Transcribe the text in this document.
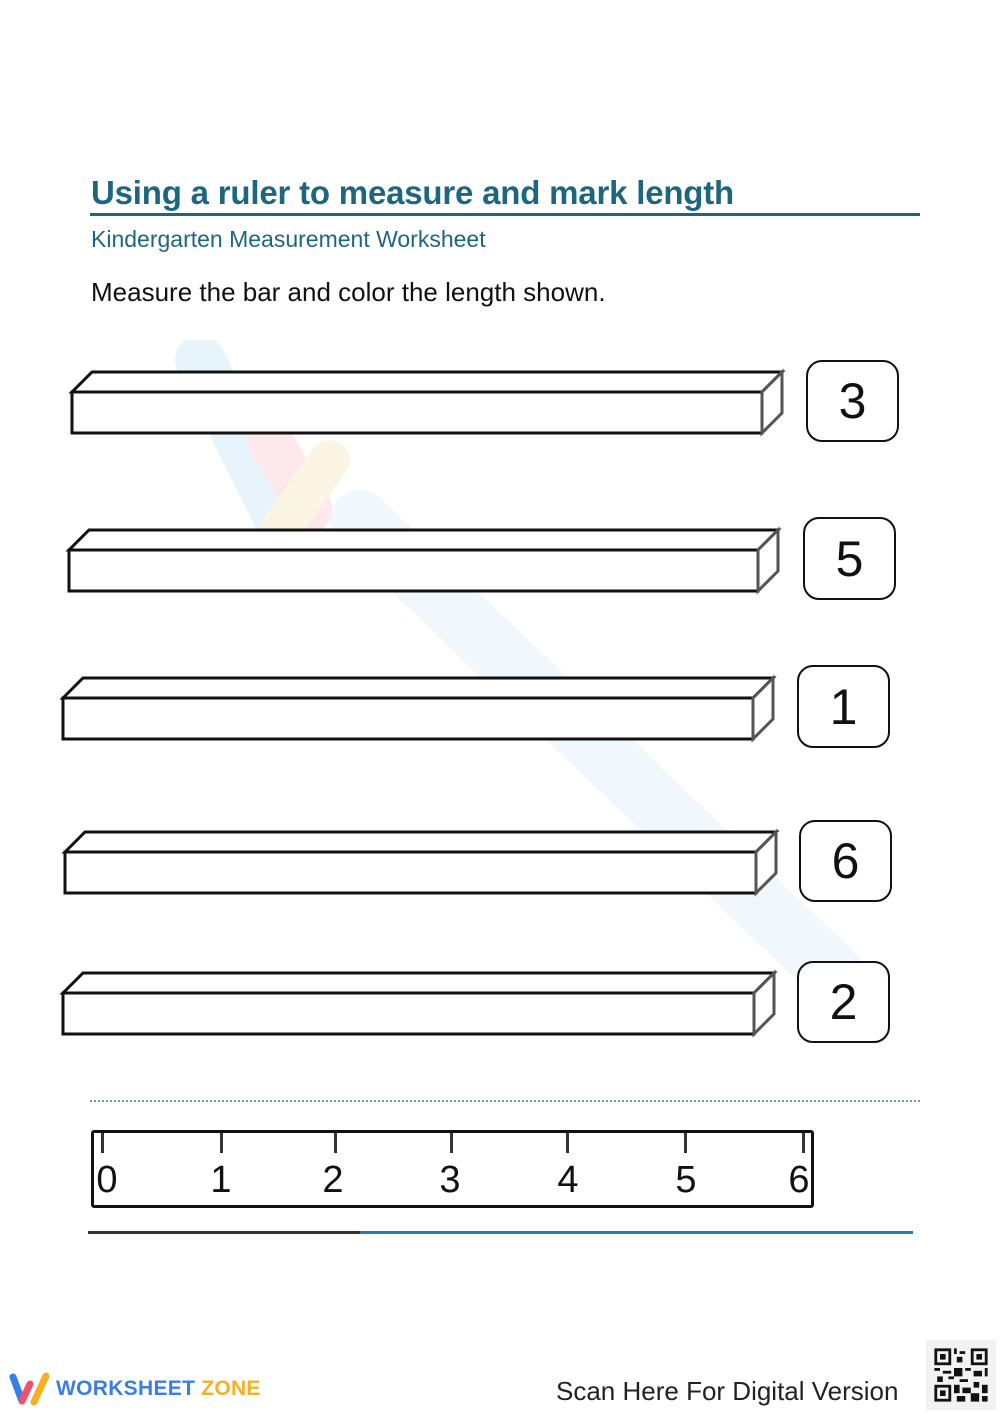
Using a ruler to measure and mark length
Kindergarten Measurement Worksheet
Measure the bar and color the length shown.
3
5
1
6
2
0 1 2	3	4	5 6
WORKSHEET ZONE	Scan Here For Digital Version
